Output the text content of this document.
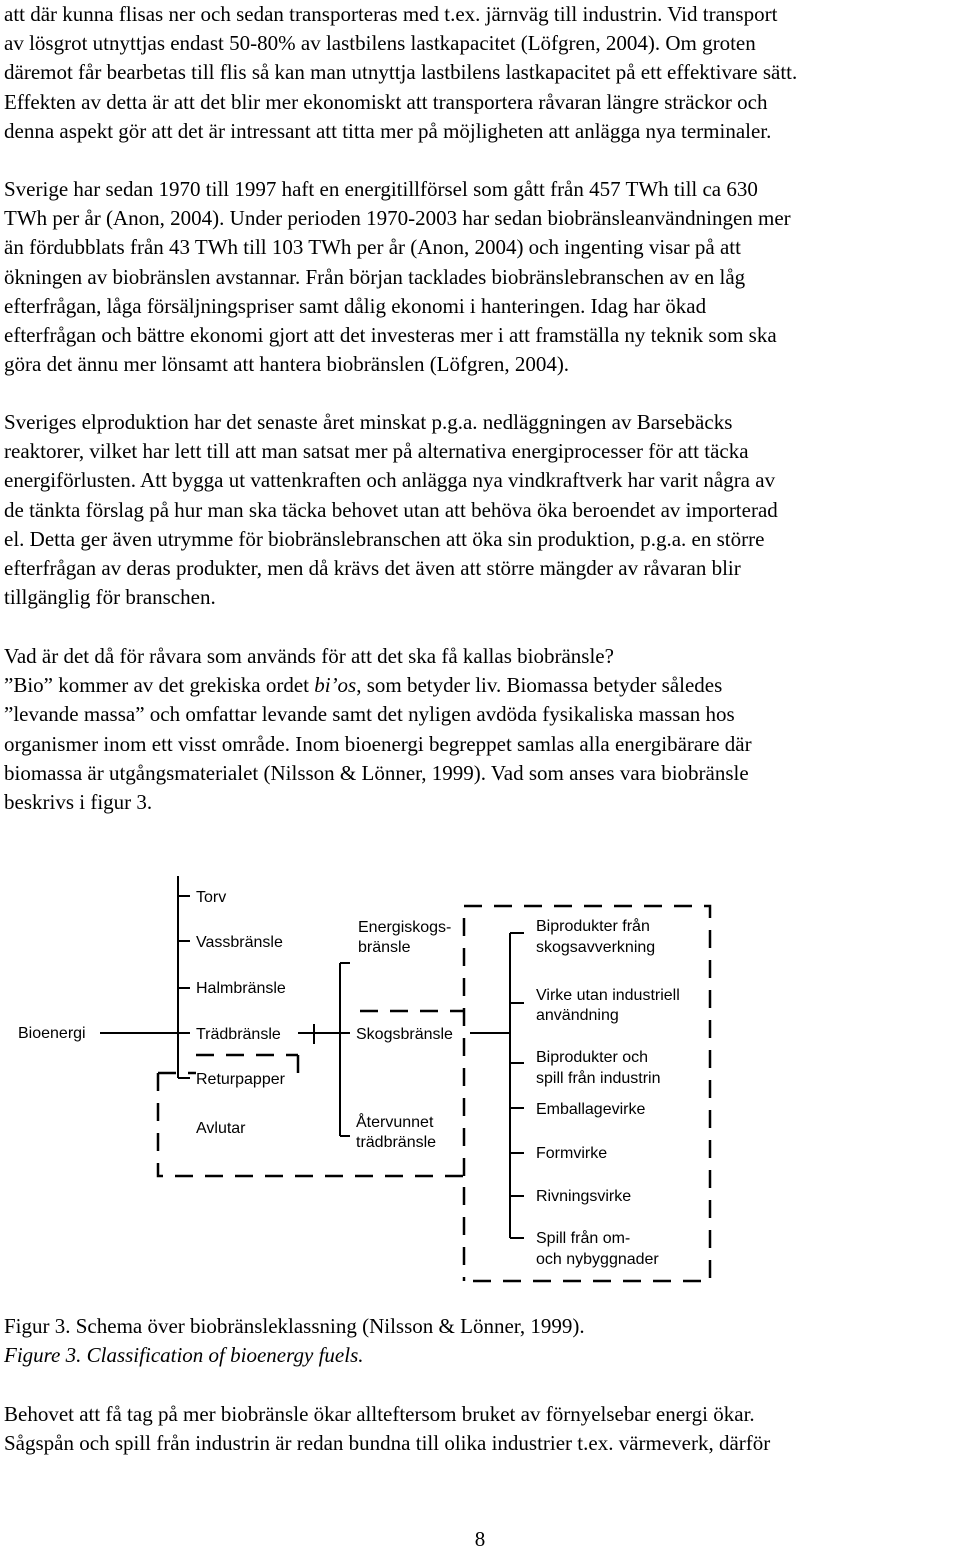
att där kunna flisas ner och sedan transporteras med t.ex. järnväg till industrin. Vid transport
av lösgrot utnyttjas endast 50-80% av lastbilens lastkapacitet (Löfgren, 2004). Om groten
däremot får bearbetas till flis så kan man utnyttja lastbilens lastkapacitet på ett effektivare sätt.
Effekten av detta är att det blir mer ekonomiskt att transportera råvaran längre sträckor och
denna aspekt gör att det är intressant att titta mer på möjligheten att anlägga nya terminaler.

Sverige har sedan 1970 till 1997 haft en energitillförsel som gått från 457 TWh till ca 630
TWh per år (Anon, 2004). Under perioden 1970-2003 har sedan biobränsleanvändningen mer
än fördubblats från 43 TWh till 103 TWh per år (Anon, 2004) och ingenting visar på att
ökningen av biobränslen avstannar. Från början tacklades biobränslebranschen av en låg
efterfrågan, låga försäljningspriser samt dålig ekonomi i hanteringen. Idag har ökad
efterfrågan och bättre ekonomi gjort att det investeras mer i att framställa ny teknik som ska
göra det ännu mer lönsamt att hantera biobränslen (Löfgren, 2004).

Sveriges elproduktion har det senaste året minskat p.g.a. nedläggningen av Barsebäcks
reaktorer, vilket har lett till att man satsat mer på alternativa energiprocesser för att täcka
energiförlusten. Att bygga ut vattenkraften och anlägga nya vindkraftverk har varit några av
de tänkta förslag på hur man ska täcka behovet utan att behöva öka beroendet av importerad
el. Detta ger även utrymme för biobränslebranschen att öka sin produktion, p.g.a. en större
efterfrågan av deras produkter, men då krävs det även att större mängder av råvaran blir
tillgänglig för branschen.

Vad är det då för råvara som används för att det ska få kallas biobränsle?
”Bio” kommer av det grekiska ordet bi’os, som betyder liv. Biomassa betyder således
”levande massa” och omfattar levande samt det nyligen avdöda fysikaliska massan hos
organismer inom ett visst område. Inom bioenergi begreppet samlas alla energibärare där
biomassa är utgångsmaterialet (Nilsson & Lönner, 1999). Vad som anses vara biobränsle
beskrivs i figur 3.

Bioenergi
Torv
Vassbränsle
Halmbränsle
Trädbränsle
Returpapper
Avlutar
Energiskogs-
bränsle
Skogsbränsle
Återvunnet
trädbränsle
Biprodukter från
skogsavverkning
Virke utan industriell
användning
Biprodukter och
spill från industrin
Emballagevirke
Formvirke
Rivningsvirke
Spill från om-
och nybyggnader

Figur 3. Schema över biobränsleklassning (Nilsson & Lönner, 1999).

Figure 3. Classification of bioenergy fuels.

Behovet att få tag på mer biobränsle ökar allteftersom bruket av förnyelsebar energi ökar.
Sågspån och spill från industrin är redan bundna till olika industrier t.ex. värmeverk, därför

8
